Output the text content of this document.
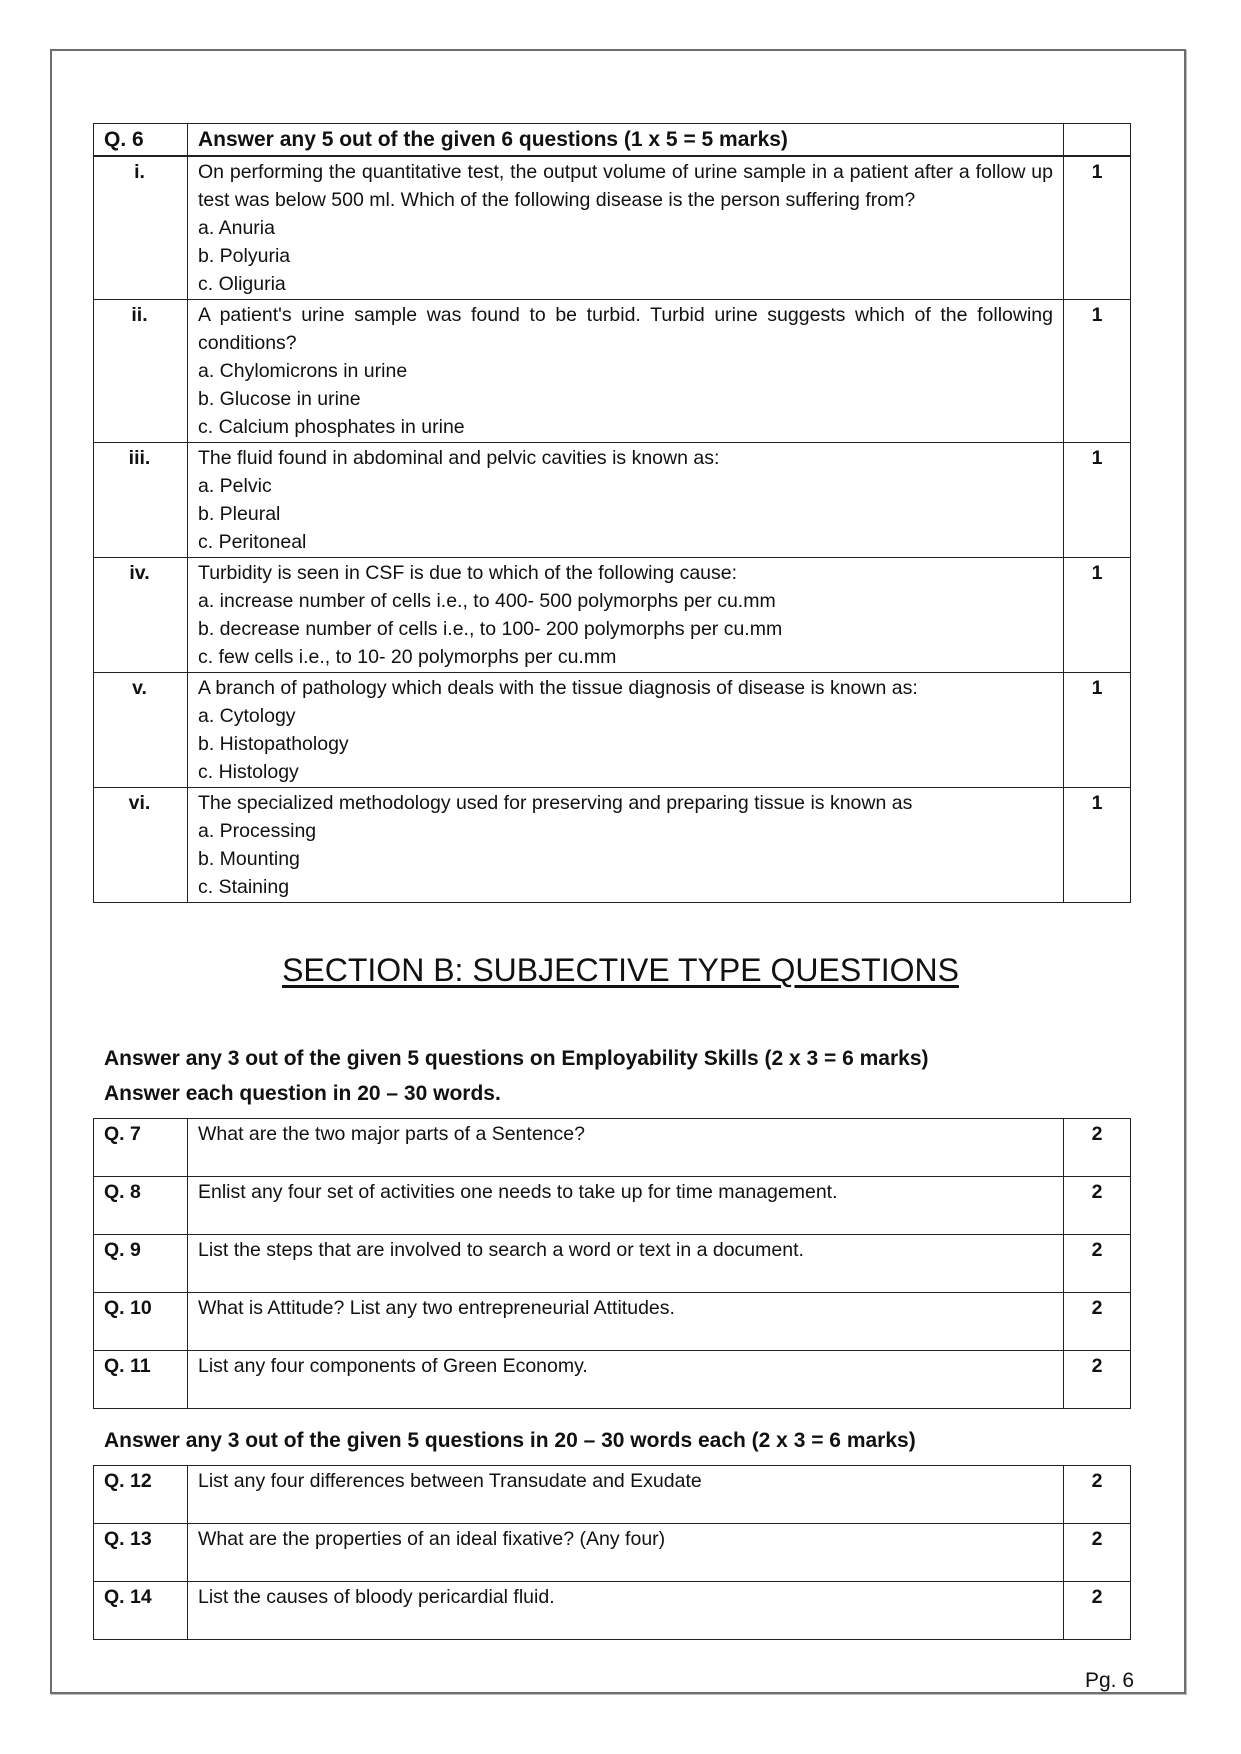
Q. 6	Answer any 5 out of the given 6 questions (1 x 5 = 5 marks)	
i.	On performing the quantitative test, the output volume of urine sample in a patient after a follow up test was below 500 ml. Which of the following disease is the person suffering from?
a. Anuria
b. Polyuria
c. Oliguria	1
ii.	A patient's urine sample was found to be turbid. Turbid urine suggests which of the following conditions?
a. Chylomicrons in urine
b. Glucose in urine
c. Calcium phosphates in urine	1
iii.	The fluid found in abdominal and pelvic cavities is known as:
a. Pelvic
b. Pleural
c. Peritoneal	1
iv.	Turbidity is seen in CSF is due to which of the following cause:
a. increase number of cells i.e., to 400- 500 polymorphs per cu.mm
b. decrease number of cells i.e., to 100- 200 polymorphs per cu.mm
c. few cells i.e., to 10- 20 polymorphs per cu.mm	1
v.	A branch of pathology which deals with the tissue diagnosis of disease is known as:
a. Cytology
b. Histopathology
c. Histology	1
vi.	The specialized methodology used for preserving and preparing tissue is known as
a. Processing
b. Mounting
c. Staining	1
SECTION B: SUBJECTIVE TYPE QUESTIONS
Answer any 3 out of the given 5 questions on Employability Skills (2 x 3 = 6 marks)
Answer each question in 20 – 30 words.
Q. 7	What are the two major parts of a Sentence?	2
Q. 8	Enlist any four set of activities one needs to take up for time management.	2
Q. 9	List the steps that are involved to search a word or text in a document.	2
Q. 10	What is Attitude? List any two entrepreneurial Attitudes.	2
Q. 11	List any four components of Green Economy.	2
Answer any 3 out of the given 5 questions in 20 – 30 words each (2 x 3 = 6 marks)
Q. 12	List any four differences between Transudate and Exudate	2
Q. 13	What are the properties of an ideal fixative? (Any four)	2
Q. 14	List the causes of bloody pericardial fluid.	2
Pg. 6
